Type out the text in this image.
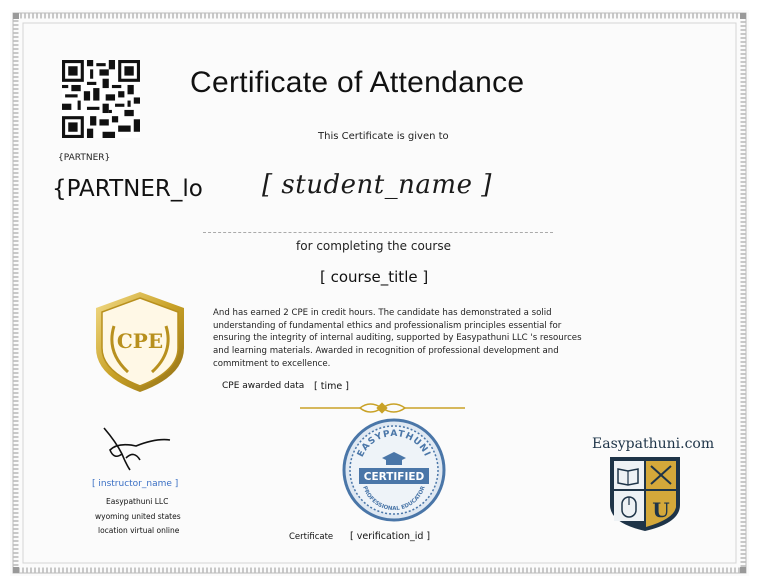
{PARTNER}
{PARTNER_lo
Certificate of Attendance
This Certificate is given to
[ student_name ]
for completing the course
[ course_title ]
CPE
And has earned 2 CPE in credit hours. The candidate has demonstrated a solid understanding of fundamental ethics and professionalism principles essential for ensuring the integrity of internal auditing, supported by Easypathuni LLC 's resources and learning materials. Awarded in recognition of professional development and commitment to excellence.
CPE awarded data [ time ]
[ instructor_name ]
Easypathuni LLC
wyoming united states
location virtual online
EASYPATHUNI
CERTIFIED
PROFESSIONAL EDUCATOR
Certificate [ verification_id ]
Easypathuni.com
U
